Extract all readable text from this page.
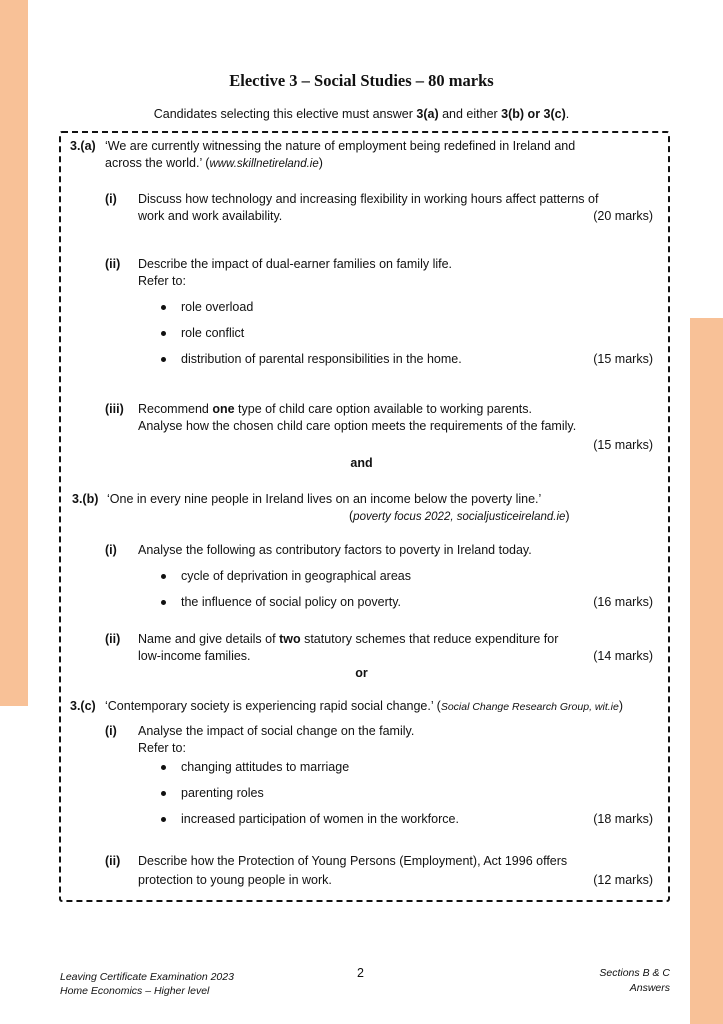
Elective 3 – Social Studies – 80 marks
Candidates selecting this elective must answer 3(a) and either 3(b) or 3(c).
3.(a) ‘We are currently witnessing the nature of employment being redefined in Ireland and
across the world.’ (www.skillnetireland.ie)
(i) Discuss how technology and increasing flexibility in working hours affect patterns of
work and work availability.	(20 marks)
(ii) Describe the impact of dual-earner families on family life.
Refer to:
role overload
role conflict
distribution of parental responsibilities in the home.	(15 marks)
(iii) Recommend one type of child care option available to working parents.
Analyse how the chosen child care option meets the requirements of the family.
(15 marks)
and
3.(b) ‘One in every nine people in Ireland lives on an income below the poverty line.’
(poverty focus 2022, socialjusticeireland.ie)
(i) Analyse the following as contributory factors to poverty in Ireland today.
cycle of deprivation in geographical areas
the influence of social policy on poverty.	(16 marks)
(ii) Name and give details of two statutory schemes that reduce expenditure for
low-income families.	(14 marks)
or
3.(c) ‘Contemporary society is experiencing rapid social change.’ (Social Change Research Group, wit.ie)
(i) Analyse the impact of social change on the family.
Refer to:
changing attitudes to marriage
parenting roles
increased participation of women in the workforce.	(18 marks)
(ii) Describe how the Protection of Young Persons (Employment), Act 1996 offers
protection to young people in work.	(12 marks)
Leaving Certificate Examination 2023
Home Economics – Higher level
2	Sections B & C
Answers
